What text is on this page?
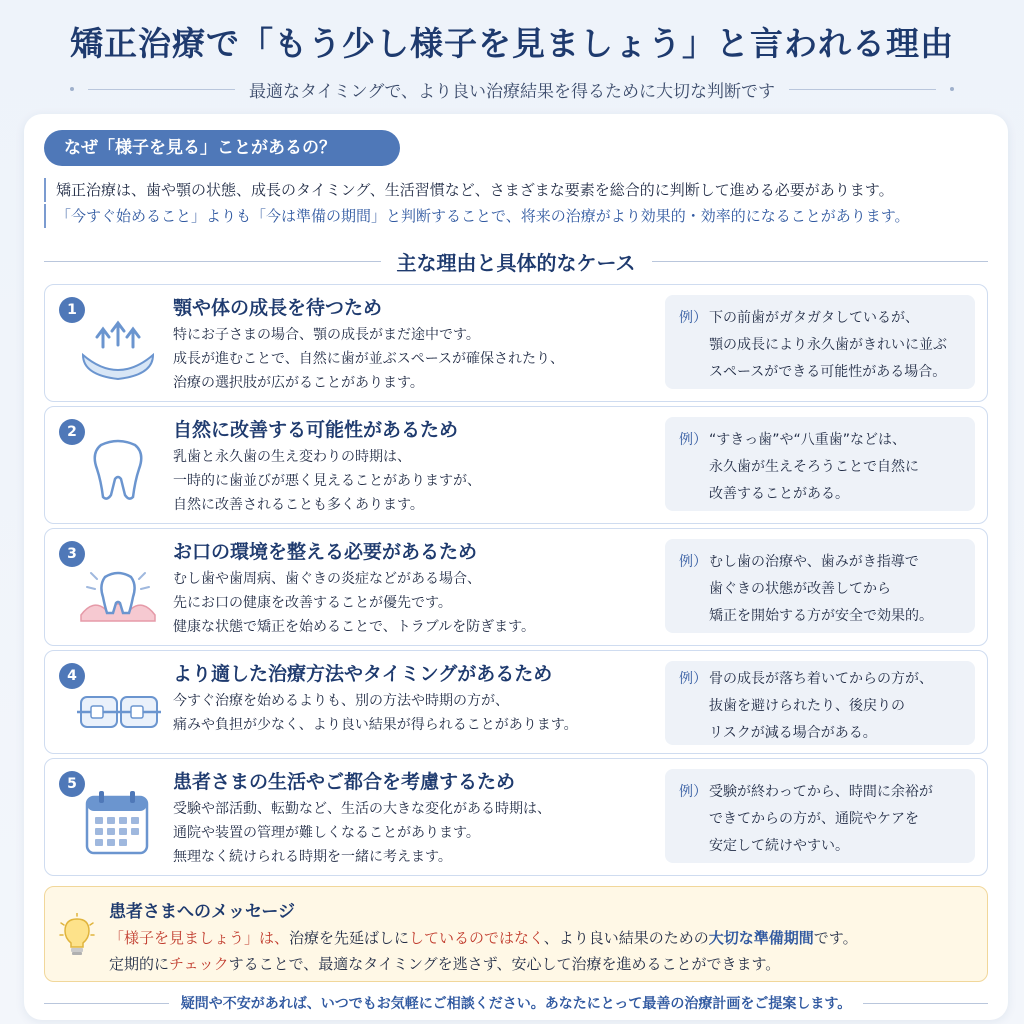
矯正治療で「もう少し様子を見ましょう」と言われる理由
最適なタイミングで、より良い治療結果を得るために大切な判断です
なぜ「様子を見る」ことがあるの？
矯正治療は、歯や顎の状態、成長のタイミング、生活習慣など、さまざまな要素を総合的に判断して進める必要があります。
「今すぐ始めること」よりも「今は準備の期間」と判断することで、将来の治療がより効果的・効率的になることがあります。
主な理由と具体的なケース
1	顎や体の成長を待つため
特にお子さまの場合、顎の成長がまだ途中です。
成長が進むことで、自然に歯が並ぶスペースが確保されたり、
治療の選択肢が広がることがあります。
例） 下の前歯がガタガタしているが、
顎の成長により永久歯がきれいに並ぶ
スペースができる可能性がある場合。
2	自然に改善する可能性があるため
乳歯と永久歯の生え変わりの時期は、
一時的に歯並びが悪く見えることがありますが、
自然に改善されることも多くあります。
例） “すきっ歯”や“八重歯”などは、
永久歯が生えそろうことで自然に
改善することがある。
3	お口の環境を整える必要があるため
むし歯や歯周病、歯ぐきの炎症などがある場合、
先にお口の健康を改善することが優先です。
健康な状態で矯正を始めることで、トラブルを防ぎます。
例） むし歯の治療や、歯みがき指導で
歯ぐきの状態が改善してから
矯正を開始する方が安全で効果的。
4	より適した治療方法やタイミングがあるため
今すぐ治療を始めるよりも、別の方法や時期の方が、
痛みや負担が少なく、より良い結果が得られることがあります。
例） 骨の成長が落ち着いてからの方が、
抜歯を避けられたり、後戻りの
リスクが減る場合がある。
5	患者さまの生活やご都合を考慮するため
受験や部活動、転勤など、生活の大きな変化がある時期は、
通院や装置の管理が難しくなることがあります。
無理なく続けられる時期を一緒に考えます。
例） 受験が終わってから、時間に余裕が
できてからの方が、通院やケアを
安定して続けやすい。
患者さまへのメッセージ
「様子を見ましょう」は、治療を先延ばしにしているのではなく、より良い結果のための大切な準備期間です。
定期的にチェックすることで、最適なタイミングを逃さず、安心して治療を進めることができます。
疑問や不安があれば、いつでもお気軽にご相談ください。あなたにとって最善の治療計画をご提案します。
